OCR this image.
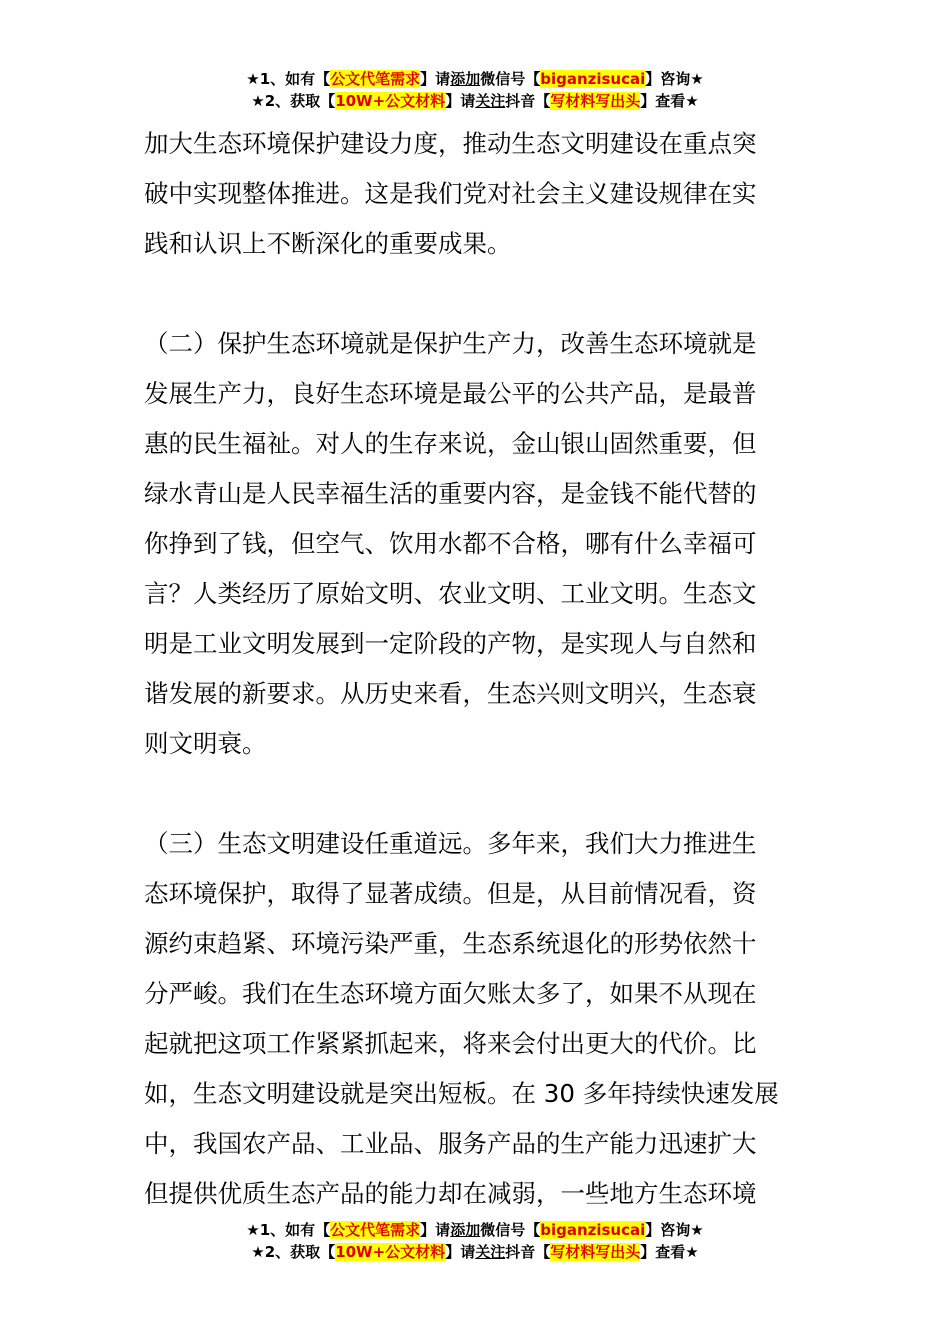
★1、如有【公文代笔需求】请添加微信号【biganzisucai】咨询★
★2、获取【10W+公文材料】请关注抖音【写材料写出头】查看★

加大生态环境保护建设力度，推动生态文明建设在重点突

破中实现整体推进。这是我们党对社会主义建设规律在实

践和认识上不断深化的重要成果。

（二）保护生态环境就是保护生产力，改善生态环境就是

发展生产力，良好生态环境是最公平的公共产品，是最普

惠的民生福祉。对人的生存来说，金山银山固然重要，但

绿水青山是人民幸福生活的重要内容，是金钱不能代替的

你挣到了钱，但空气、饮用水都不合格，哪有什么幸福可

言？人类经历了原始文明、农业文明、工业文明。生态文

明是工业文明发展到一定阶段的产物，是实现人与自然和

谐发展的新要求。从历史来看，生态兴则文明兴，生态衰

则文明衰。

（三）生态文明建设任重道远。多年来，我们大力推进生

态环境保护，取得了显著成绩。但是，从目前情况看，资

源约束趋紧、环境污染严重，生态系统退化的形势依然十

分严峻。我们在生态环境方面欠账太多了，如果不从现在

起就把这项工作紧紧抓起来，将来会付出更大的代价。比

如，生态文明建设就是突出短板。在 30 多年持续快速发展

中，我国农产品、工业品、服务产品的生产能力迅速扩大

但提供优质生态产品的能力却在减弱，一些地方生态环境

★1、如有【公文代笔需求】请添加微信号【biganzisucai】咨询★
★2、获取【10W+公文材料】请关注抖音【写材料写出头】查看★
